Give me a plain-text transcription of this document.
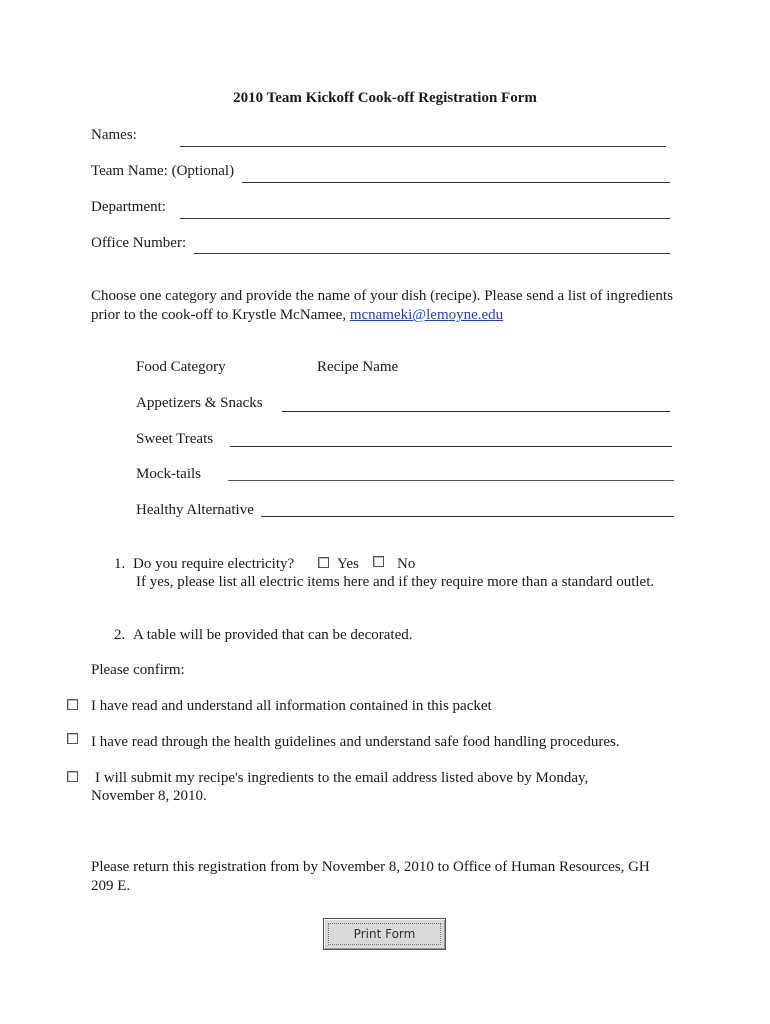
2010 Team Kickoff Cook-off Registration Form
Names:
Team Name: (Optional)
Department:
Office Number:
Choose one category and provide the name of your dish (recipe). Please send a list of ingredients
prior to the cook-off to Krystle McNamee, mcnameki@lemoyne.edu
Food Category	Recipe Name
Appetizers & Snacks
Sweet Treats
Mock-tails
Healthy Alternative
1. Do you require electricity?	Yes	No
If yes, please list all electric items here and if they require more than a standard outlet.
2. A table will be provided that can be decorated.
Please confirm:
I have read and understand all information contained in this packet
I have read through the health guidelines and understand safe food handling procedures.
I will submit my recipe's ingredients to the email address listed above by Monday,
November 8, 2010.
Please return this registration from by November 8, 2010 to Office of Human Resources, GH
209 E.
Print Form
